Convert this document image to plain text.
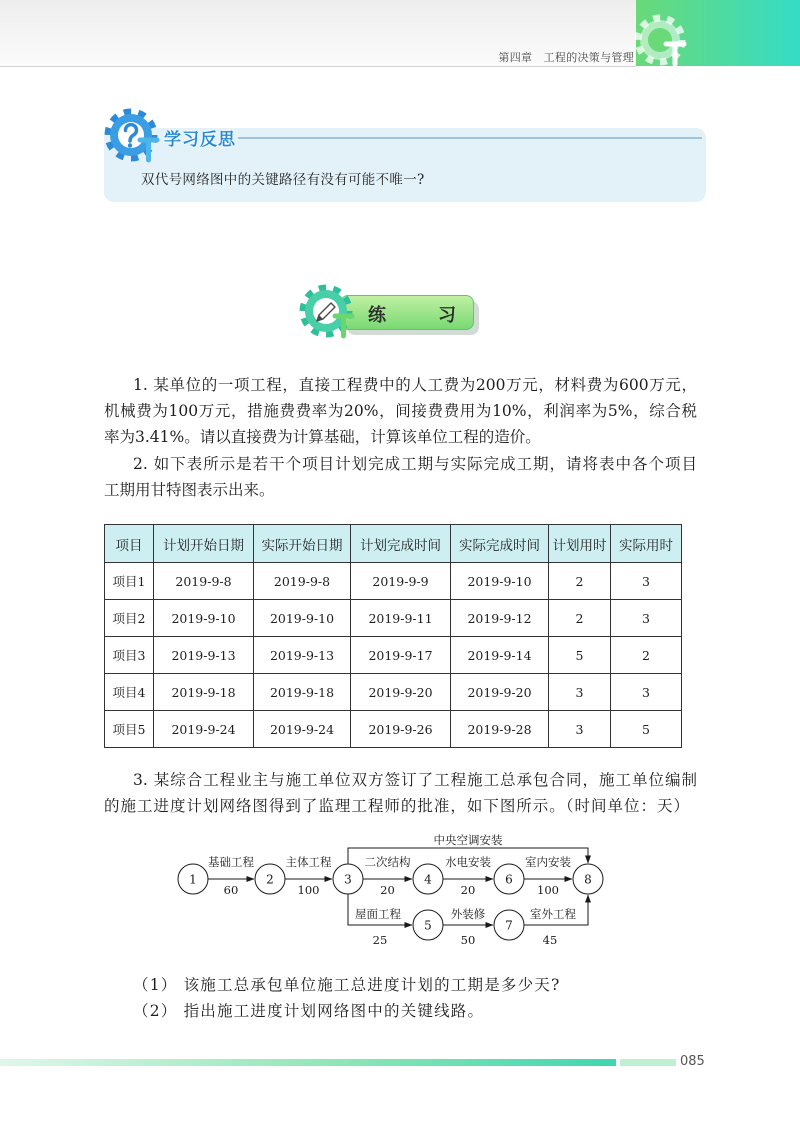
第四章　工程的决策与管理
学习反思
双代号网络图中的关键路径有没有可能不唯一?
练习
1. 某单位的一项工程，直接工程费中的人工费为200万元，材料费为600万元，
机械费为100万元，措施费费率为20%，间接费费用为10%，利润率为5%，综合税
率为3.41%。请以直接费为计算基础，计算该单位工程的造价。
2. 如下表所示是若干个项目计划完成工期与实际完成工期，请将表中各个项目
工期用甘特图表示出来。
项目	计划开始日期	实际开始日期	计划完成时间	实际完成时间	计划用时	实际用时
项目1	2019-9-8	2019-9-8	2019-9-9	2019-9-10	2	3
项目2	2019-9-10	2019-9-10	2019-9-11	2019-9-12	2	3
项目3	2019-9-13	2019-9-13	2019-9-17	2019-9-14	5	2
项目4	2019-9-18	2019-9-18	2019-9-20	2019-9-20	3	3
项目5	2019-9-24	2019-9-24	2019-9-26	2019-9-28	3	5
3. 某综合工程业主与施工单位双方签订了工程施工总承包合同，施工单位编制
的施工进度计划网络图得到了监理工程师的批准，如下图所示。（时间单位：天）
基础工程
60
主体工程
100
二次结构
20
水电安装
20
室内安装
100
中央空调安装
屋面工程
25
外装修
50
室外工程
45
1	2	3	4
5
6
7
8
（1） 该施工总承包单位施工总进度计划的工期是多少天?
（2） 指出施工进度计划网络图中的关键线路。
085
